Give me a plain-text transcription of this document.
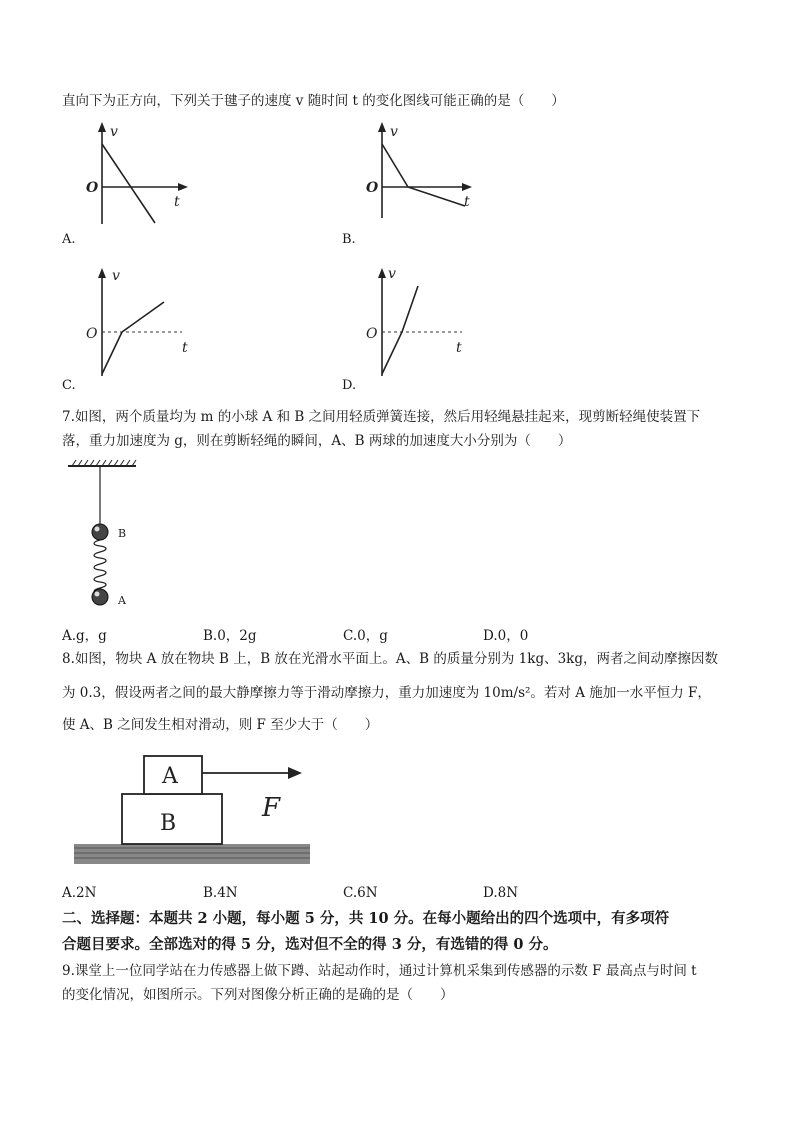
直向下为正方向，下列关于毽子的速度 v 随时间 t 的变化图线可能正确的是（　　）
v
O
t
A.
v
O
t
B.
v
O
t
C.
v
O
t
D.
7.如图，两个质量均为 m 的小球 A 和 B 之间用轻质弹簧连接，然后用轻绳悬挂起来，现剪断轻绳使装置下
落，重力加速度为 g，则在剪断轻绳的瞬间，A、B 两球的加速度大小分别为（　　）
B
A
A.g，g	B.0，2g	C.0，g	D.0，0
8.如图，物块 A 放在物块 B 上，B 放在光滑水平面上。A、B 的质量分别为 1kg、3kg，两者之间动摩擦因数
为 0.3，假设两者之间的最大静摩擦力等于滑动摩擦力，重力加速度为 10m/s²。若对 A 施加一水平恒力 F，
使 A、B 之间发生相对滑动，则 F 至少大于（　　）
A
B
F
A.2N	B.4N	C.6N	D.8N
二、选择题：本题共 2 小题，每小题 5 分，共 10 分。在每小题给出的四个选项中，有多项符
合题目要求。全部选对的得 5 分，选对但不全的得 3 分，有选错的得 0 分。
9.课堂上一位同学站在力传感器上做下蹲、站起动作时，通过计算机采集到传感器的示数 F 最高点与时间 t
的变化情况，如图所示。下列对图像分析正确的是确的是（　　）
